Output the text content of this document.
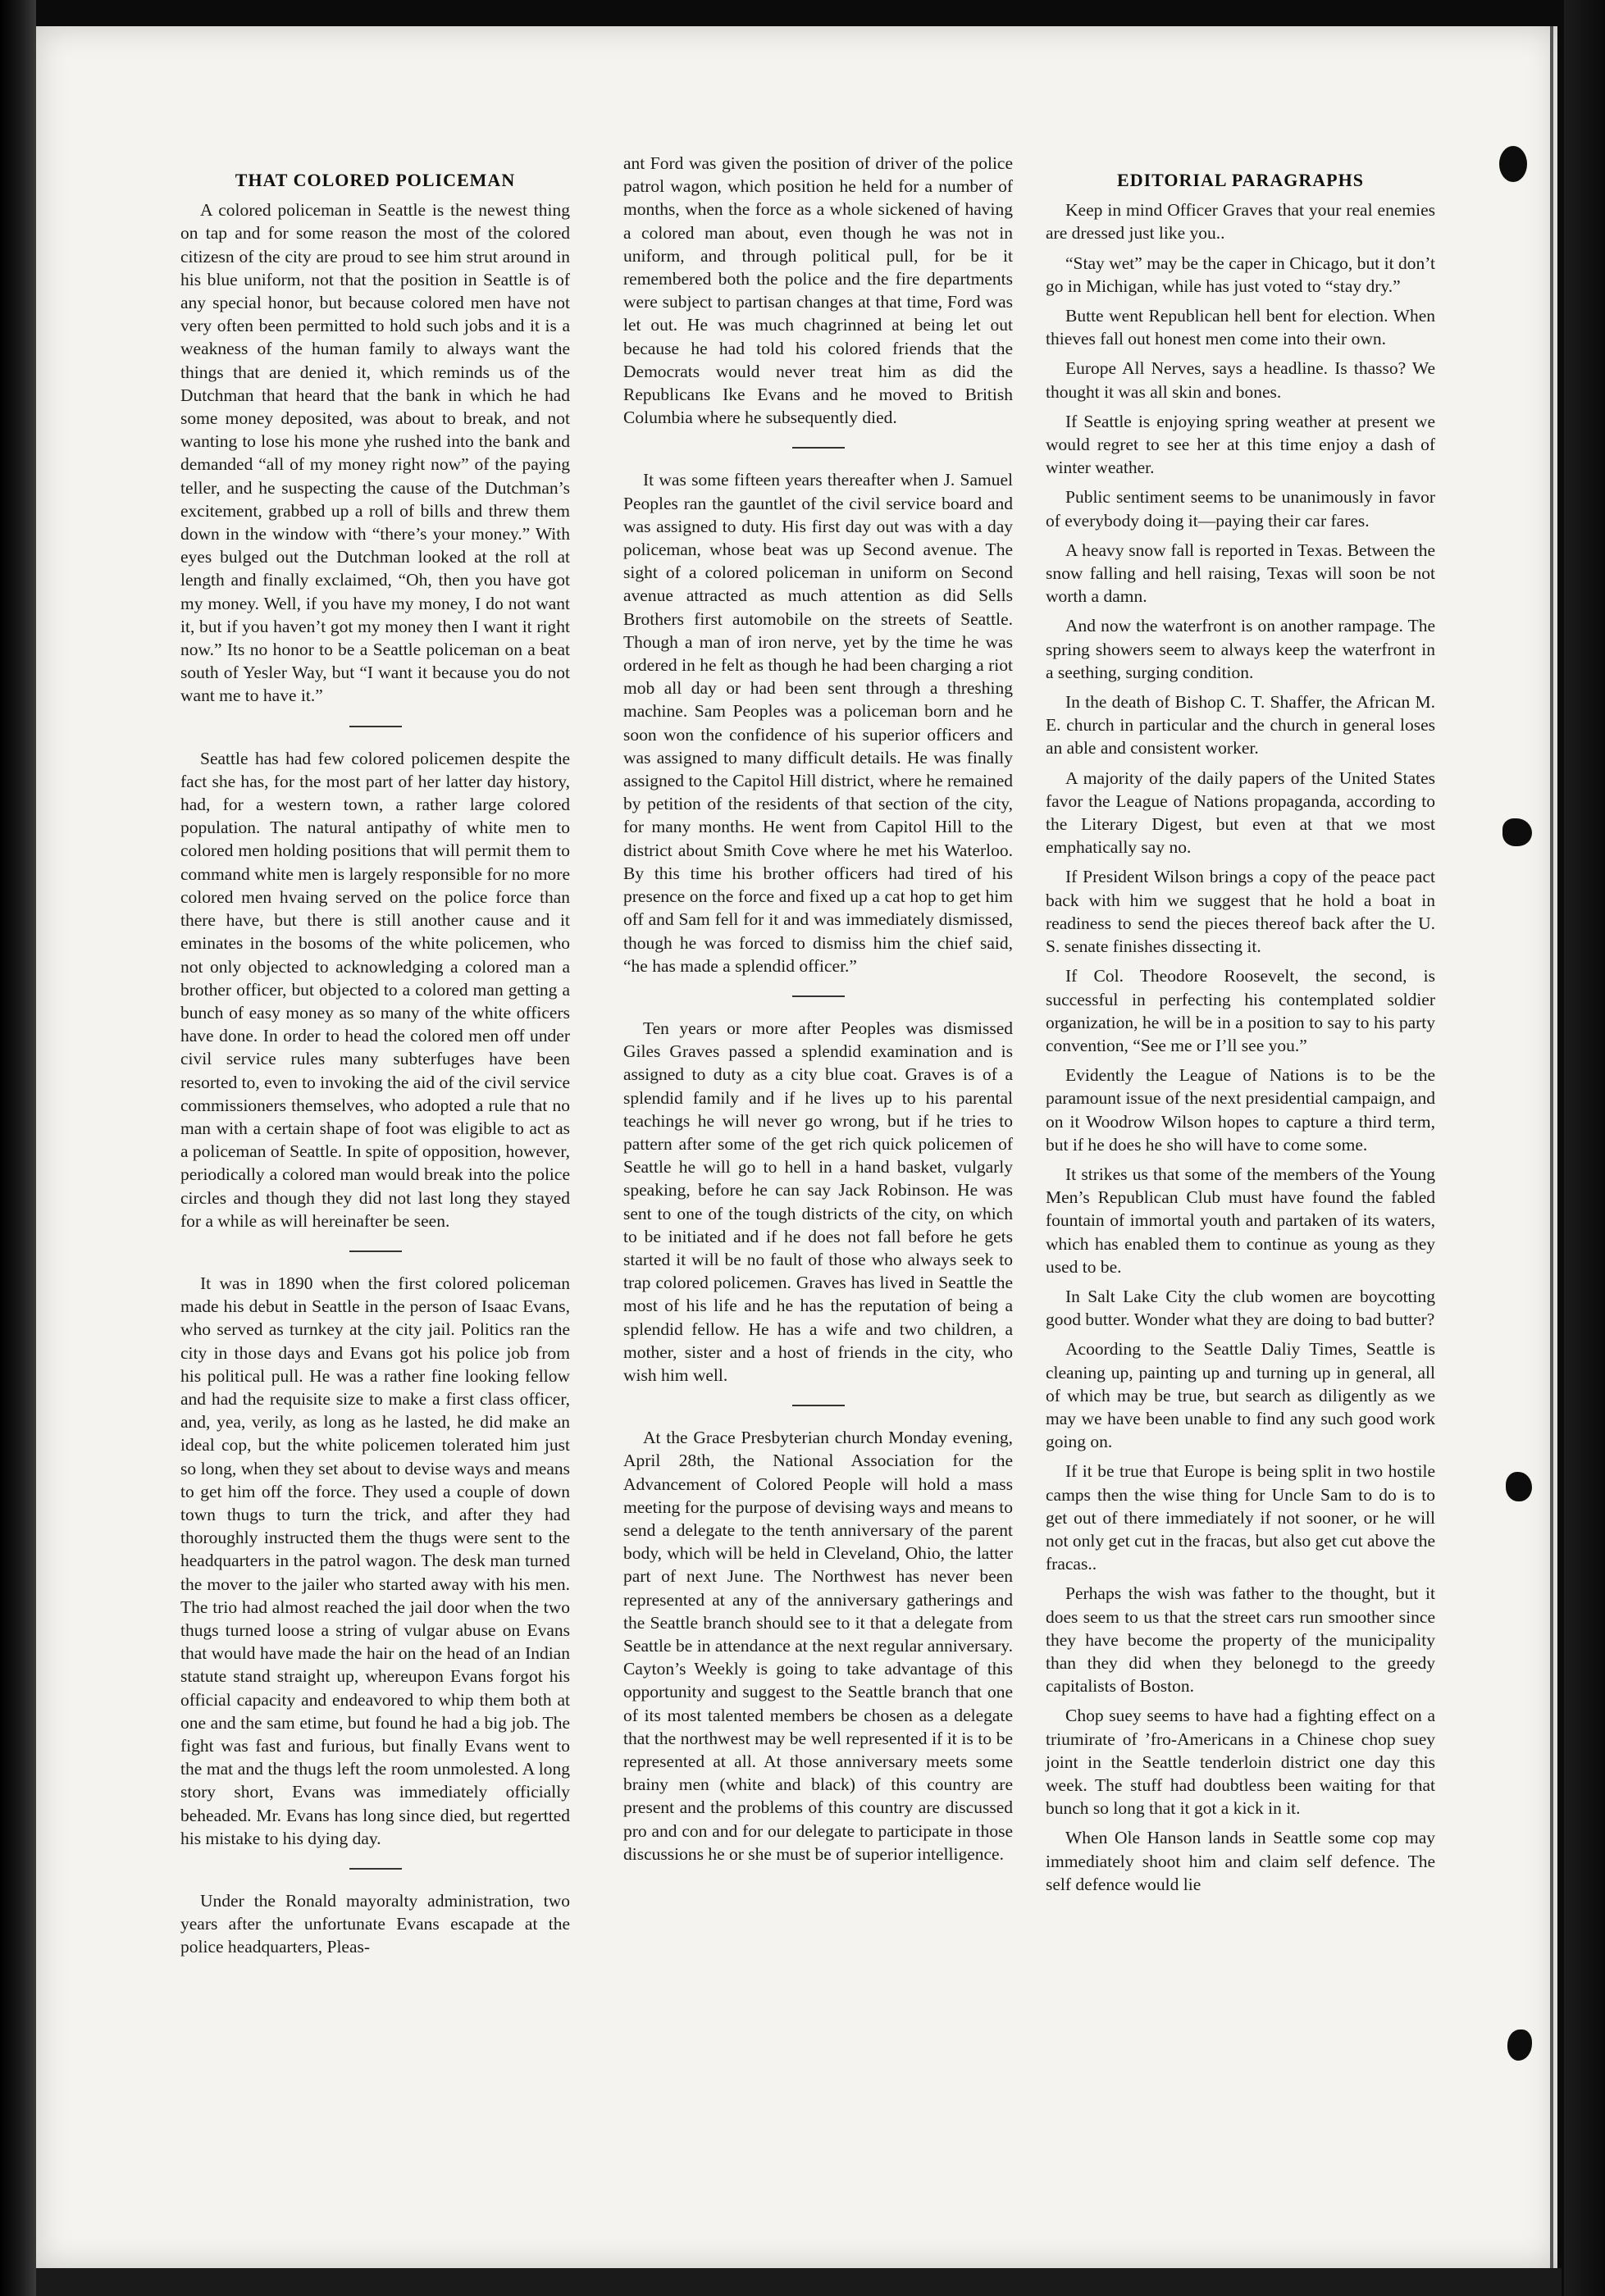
THAT COLORED POLICEMAN

A colored policeman in Seattle is the newest thing on tap and for some reason the most of the colored citizesn of the city are proud to see him strut around in his blue uniform, not that the position in Seattle is of any special honor, but because colored men have not very often been permitted to hold such jobs and it is a weakness of the human family to always want the things that are denied it, which reminds us of the Dutchman that heard that the bank in which he had some money deposited, was about to break, and not wanting to lose his mone yhe rushed into the bank and demanded “all of my money right now” of the paying teller, and he suspecting the cause of the Dutchman’s excitement, grabbed up a roll of bills and threw them down in the window with “there’s your money.” With eyes bulged out the Dutchman looked at the roll at length and finally exclaimed, “Oh, then you have got my money. Well, if you have my money, I do not want it, but if you haven’t got my money then I want it right now.” Its no honor to be a Seattle policeman on a beat south of Yesler Way, but “I want it because you do not want me to have it.”

Seattle has had few colored policemen despite the fact she has, for the most part of her latter day history, had, for a western town, a rather large colored population. The natural antipathy of white men to colored men holding positions that will permit them to command white men is largely responsible for no more colored men hvaing served on the police force than there have, but there is still another cause and it eminates in the bosoms of the white policemen, who not only objected to acknowledging a colored man a brother officer, but objected to a colored man getting a bunch of easy money as so many of the white officers have done. In order to head the colored men off under civil service rules many subterfuges have been resorted to, even to invoking the aid of the civil service commissioners themselves, who adopted a rule that no man with a certain shape of foot was eligible to act as a policeman of Seattle. In spite of opposition, however, periodically a colored man would break into the police circles and though they did not last long they stayed for a while as will hereinafter be seen.

It was in 1890 when the first colored policeman made his debut in Seattle in the person of Isaac Evans, who served as turnkey at the city jail. Politics ran the city in those days and Evans got his police job from his political pull. He was a rather fine looking fellow and had the requisite size to make a first class officer, and, yea, verily, as long as he lasted, he did make an ideal cop, but the white policemen tolerated him just so long, when they set about to devise ways and means to get him off the force. They used a couple of down town thugs to turn the trick, and after they had thoroughly instructed them the thugs were sent to the headquarters in the patrol wagon. The desk man turned the mover to the jailer who started away with his men. The trio had almost reached the jail door when the two thugs turned loose a string of vulgar abuse on Evans that would have made the hair on the head of an Indian statute stand straight up, whereupon Evans forgot his official capacity and endeavored to whip them both at one and the sam etime, but found he had a big job. The fight was fast and furious, but finally Evans went to the mat and the thugs left the room unmolested. A long story short, Evans was immediately officially beheaded. Mr. Evans has long since died, but regertted his mistake to his dying day.

Under the Ronald mayoralty administration, two years after the unfortunate Evans escapade at the police headquarters, Pleas-

ant Ford was given the position of driver of the police patrol wagon, which position he held for a number of months, when the force as a whole sickened of having a colored man about, even though he was not in uniform, and through political pull, for be it remembered both the police and the fire departments were subject to partisan changes at that time, Ford was let out. He was much chagrinned at being let out because he had told his colored friends that the Democrats would never treat him as did the Republicans Ike Evans and he moved to British Columbia where he subsequently died.

It was some fifteen years thereafter when J. Samuel Peoples ran the gauntlet of the civil service board and was assigned to duty. His first day out was with a day policeman, whose beat was up Second avenue. The sight of a colored policeman in uniform on Second avenue attracted as much attention as did Sells Brothers first automobile on the streets of Seattle. Though a man of iron nerve, yet by the time he was ordered in he felt as though he had been charging a riot mob all day or had been sent through a threshing machine. Sam Peoples was a policeman born and he soon won the confidence of his superior officers and was assigned to many difficult details. He was finally assigned to the Capitol Hill district, where he remained by petition of the residents of that section of the city, for many months. He went from Capitol Hill to the district about Smith Cove where he met his Waterloo. By this time his brother officers had tired of his presence on the force and fixed up a cat hop to get him off and Sam fell for it and was immediately dismissed, though he was forced to dismiss him the chief said, “he has made a splendid officer.”

Ten years or more after Peoples was dismissed Giles Graves passed a splendid examination and is assigned to duty as a city blue coat. Graves is of a splendid family and if he lives up to his parental teachings he will never go wrong, but if he tries to pattern after some of the get rich quick policemen of Seattle he will go to hell in a hand basket, vulgarly speaking, before he can say Jack Robinson. He was sent to one of the tough districts of the city, on which to be initiated and if he does not fall before he gets started it will be no fault of those who always seek to trap colored policemen. Graves has lived in Seattle the most of his life and he has the reputation of being a splendid fellow. He has a wife and two children, a mother, sister and a host of friends in the city, who wish him well.

At the Grace Presbyterian church Monday evening, April 28th, the National Association for the Advancement of Colored People will hold a mass meeting for the purpose of devising ways and means to send a delegate to the tenth anniversary of the parent body, which will be held in Cleveland, Ohio, the latter part of next June. The Northwest has never been represented at any of the anniversary gatherings and the Seattle branch should see to it that a delegate from Seattle be in attendance at the next regular anniversary. Cayton’s Weekly is going to take advantage of this opportunity and suggest to the Seattle branch that one of its most talented members be chosen as a delegate that the northwest may be well represented if it is to be represented at all. At those anniversary meets some brainy men (white and black) of this country are present and the problems of this country are discussed pro and con and for our delegate to participate in those discussions he or she must be of superior intelligence.

EDITORIAL PARAGRAPHS

Keep in mind Officer Graves that your real enemies are dressed just like you..

“Stay wet” may be the caper in Chicago, but it don’t go in Michigan, while has just voted to “stay dry.”

Butte went Republican hell bent for election. When thieves fall out honest men come into their own.

Europe All Nerves, says a headline. Is thasso? We thought it was all skin and bones.

If Seattle is enjoying spring weather at present we would regret to see her at this time enjoy a dash of winter weather.

Public sentiment seems to be unanimously in favor of everybody doing it—paying their car fares.

A heavy snow fall is reported in Texas. Between the snow falling and hell raising, Texas will soon be not worth a damn.

And now the waterfront is on another rampage. The spring showers seem to always keep the waterfront in a seething, surging condition.

In the death of Bishop C. T. Shaffer, the African M. E. church in particular and the church in general loses an able and consistent worker.

A majority of the daily papers of the United States favor the League of Nations propaganda, according to the Literary Digest, but even at that we most emphatically say no.

If President Wilson brings a copy of the peace pact back with him we suggest that he hold a boat in readiness to send the pieces thereof back after the U. S. senate finishes dissecting it.

If Col. Theodore Roosevelt, the second, is successful in perfecting his contemplated soldier organization, he will be in a position to say to his party convention, “See me or I’ll see you.”

Evidently the League of Nations is to be the paramount issue of the next presidential campaign, and on it Woodrow Wilson hopes to capture a third term, but if he does he sho will have to come some.

It strikes us that some of the members of the Young Men’s Republican Club must have found the fabled fountain of immortal youth and partaken of its waters, which has enabled them to continue as young as they used to be.

In Salt Lake City the club women are boycotting good butter. Wonder what they are doing to bad butter?

Acoording to the Seattle Daliy Times, Seattle is cleaning up, painting up and turning up in general, all of which may be true, but search as diligently as we may we have been unable to find any such good work going on.

If it be true that Europe is being split in two hostile camps then the wise thing for Uncle Sam to do is to get out of there immediately if not sooner, or he will not only get cut in the fracas, but also get cut above the fracas..

Perhaps the wish was father to the thought, but it does seem to us that the street cars run smoother since they have become the property of the municipality than they did when they belonegd to the greedy capitalists of Boston.

Chop suey seems to have had a fighting effect on a triumirate of ’fro-Americans in a Chinese chop suey joint in the Seattle tenderloin district one day this week. The stuff had doubtless been waiting for that bunch so long that it got a kick in it.

When Ole Hanson lands in Seattle some cop may immediately shoot him and claim self defence. The self defence would lie
